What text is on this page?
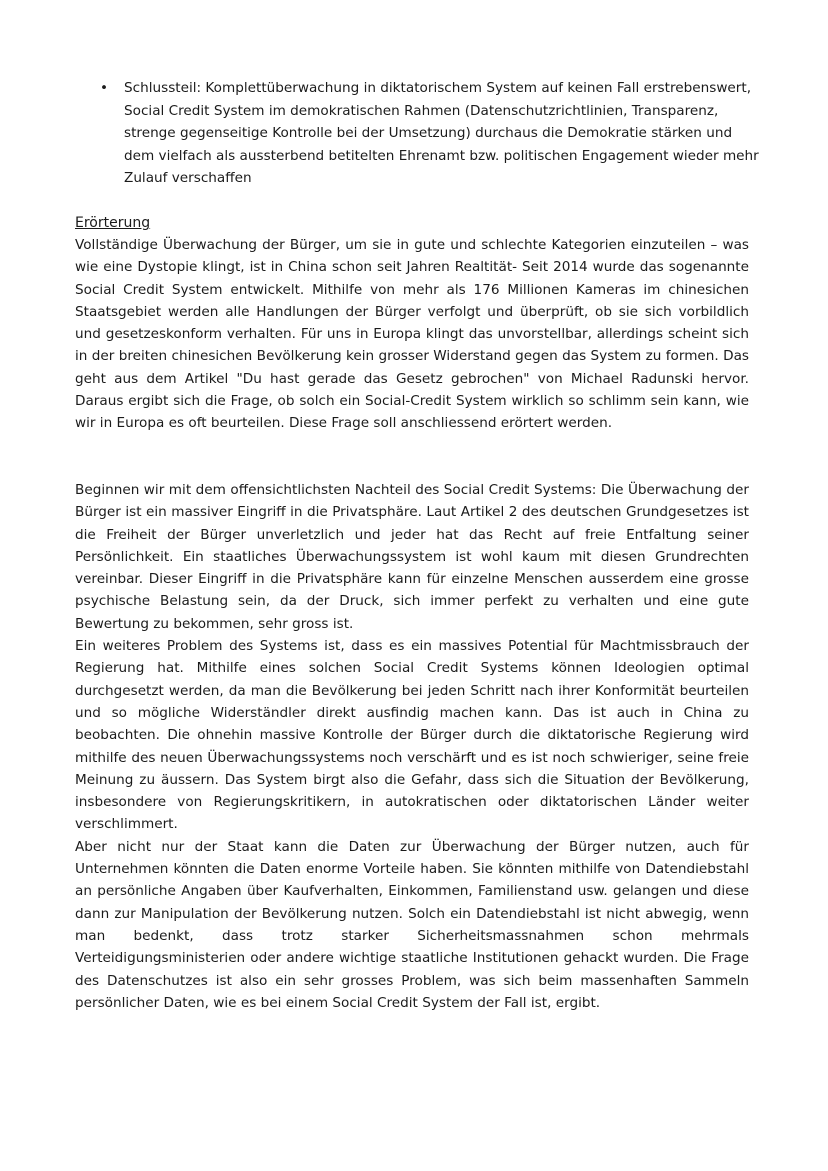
•	Schlussteil: Komplettüberwachung in diktatorischem System auf keinen Fall erstrebenswert, Social Credit System im demokratischen Rahmen (Datenschutzrichtlinien, Transparenz, strenge gegenseitige Kontrolle bei der Umsetzung) durchaus die Demokratie stärken und dem vielfach als aussterbend betitelten Ehrenamt bzw. politischen Engagement wieder mehr Zulauf verschaffen
Erörterung

Vollständige Überwachung der Bürger, um sie in gute und schlechte Kategorien einzuteilen – was wie eine Dystopie klingt, ist in China schon seit Jahren Realtität- Seit 2014 wurde das sogenannte Social Credit System entwickelt. Mithilfe von mehr als 176 Millionen Kameras im chinesichen Staatsgebiet werden alle Handlungen der Bürger verfolgt und überprüft, ob sie sich vorbildlich und gesetzeskonform verhalten. Für uns in Europa klingt das unvorstellbar, allerdings scheint sich in der breiten chinesichen Bevölkerung kein grosser Widerstand gegen das System zu formen. Das geht aus dem Artikel "Du hast gerade das Gesetz gebrochen" von Michael Radunski hervor. Daraus ergibt sich die Frage, ob solch ein Social-Credit System wirklich so schlimm sein kann, wie wir in Europa es oft beurteilen. Diese Frage soll anschliessend erörtert werden.

Beginnen wir mit dem offensichtlichsten Nachteil des Social Credit Systems: Die Überwachung der Bürger ist ein massiver Eingriff in die Privatsphäre. Laut Artikel 2 des deutschen Grundgesetzes ist die Freiheit der Bürger unverletzlich und jeder hat das Recht auf freie Entfaltung seiner Persönlichkeit. Ein staatliches Überwachungssystem ist wohl kaum mit diesen Grundrechten vereinbar. Dieser Eingriff in die Privatsphäre kann für einzelne Menschen ausserdem eine grosse psychische Belastung sein, da der Druck, sich immer perfekt zu verhalten und eine gute Bewertung zu bekommen, sehr gross ist.

Ein weiteres Problem des Systems ist, dass es ein massives Potential für Machtmissbrauch der Regierung hat. Mithilfe eines solchen Social Credit Systems können Ideologien optimal durchgesetzt werden, da man die Bevölkerung bei jeden Schritt nach ihrer Konformität beurteilen und so mögliche Widerständler direkt ausfindig machen kann. Das ist auch in China zu beobachten. Die ohnehin massive Kontrolle der Bürger durch die diktatorische Regierung wird mithilfe des neuen Überwachungssystems noch verschärft und es ist noch schwieriger, seine freie Meinung zu äussern. Das System birgt also die Gefahr, dass sich die Situation der Bevölkerung, insbesondere von Regierungskritikern, in autokratischen oder diktatorischen Länder weiter verschlimmert.

Aber nicht nur der Staat kann die Daten zur Überwachung der Bürger nutzen, auch für Unternehmen könnten die Daten enorme Vorteile haben. Sie könnten mithilfe von Datendiebstahl an persönliche Angaben über Kaufverhalten, Einkommen, Familienstand usw. gelangen und diese dann zur Manipulation der Bevölkerung nutzen. Solch ein Datendiebstahl ist nicht abwegig, wenn man bedenkt, dass trotz starker Sicherheitsmassnahmen schon mehrmals Verteidigungsministerien oder andere wichtige staatliche Institutionen gehackt wurden. Die Frage des Datenschutzes ist also ein sehr grosses Problem, was sich beim massenhaften Sammeln persönlicher Daten, wie es bei einem Social Credit System der Fall ist, ergibt.
